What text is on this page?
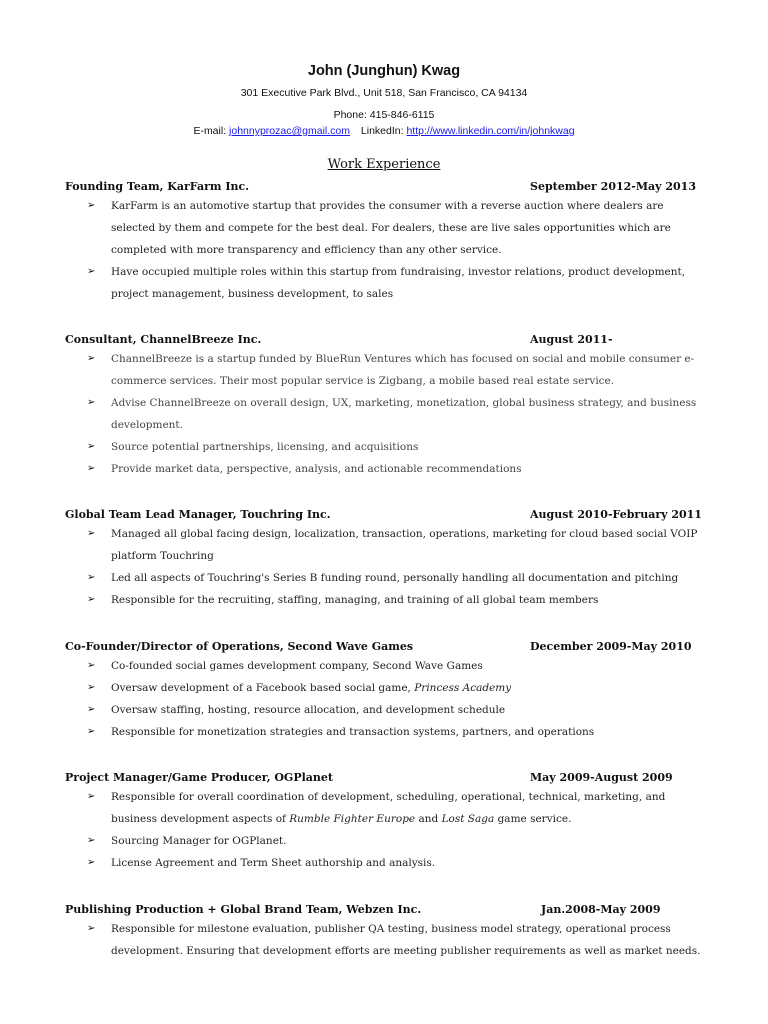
John (Junghun) Kwag
301 Executive Park Blvd., Unit 518, San Francisco, CA 94134
Phone: 415-846-6115
E-mail: johnnyprozac@gmail.com LinkedIn: http://www.linkedin.com/in/johnkwag
Work Experience
Founding Team, KarFarm Inc.	September 2012-May 2013
➢ KarFarm is an automotive startup that provides the consumer with a reverse auction where dealers are selected by them and compete for the best deal. For dealers, these are live sales opportunities which are completed with more transparency and efficiency than any other service.
➢ Have occupied multiple roles within this startup from fundraising, investor relations, product development, project management, business development, to sales
Consultant, ChannelBreeze Inc.	August 2011-
➢ ChannelBreeze is a startup funded by BlueRun Ventures which has focused on social and mobile consumer e-commerce services. Their most popular service is Zigbang, a mobile based real estate service.
➢ Advise ChannelBreeze on overall design, UX, marketing, monetization, global business strategy, and business development.
➢ Source potential partnerships, licensing, and acquisitions
➢ Provide market data, perspective, analysis, and actionable recommendations
Global Team Lead Manager, Touchring Inc.	August 2010-February 2011
➢ Managed all global facing design, localization, transaction, operations, marketing for cloud based social VOIP platform Touchring
➢ Led all aspects of Touchring's Series B funding round, personally handling all documentation and pitching
➢ Responsible for the recruiting, staffing, managing, and training of all global team members
Co-Founder/Director of Operations, Second Wave Games	December 2009-May 2010
➢ Co-founded social games development company, Second Wave Games
➢ Oversaw development of a Facebook based social game, Princess Academy
➢ Oversaw staffing, hosting, resource allocation, and development schedule
➢ Responsible for monetization strategies and transaction systems, partners, and operations
Project Manager/Game Producer, OGPlanet	May 2009-August 2009
➢ Responsible for overall coordination of development, scheduling, operational, technical, marketing, and business development aspects of Rumble Fighter Europe and Lost Saga game service.
➢ Sourcing Manager for OGPlanet.
➢ License Agreement and Term Sheet authorship and analysis.
Publishing Production + Global Brand Team, Webzen Inc.	Jan.2008-May 2009
➢ Responsible for milestone evaluation, publisher QA testing, business model strategy, operational process development. Ensuring that development efforts are meeting publisher requirements as well as market needs.
